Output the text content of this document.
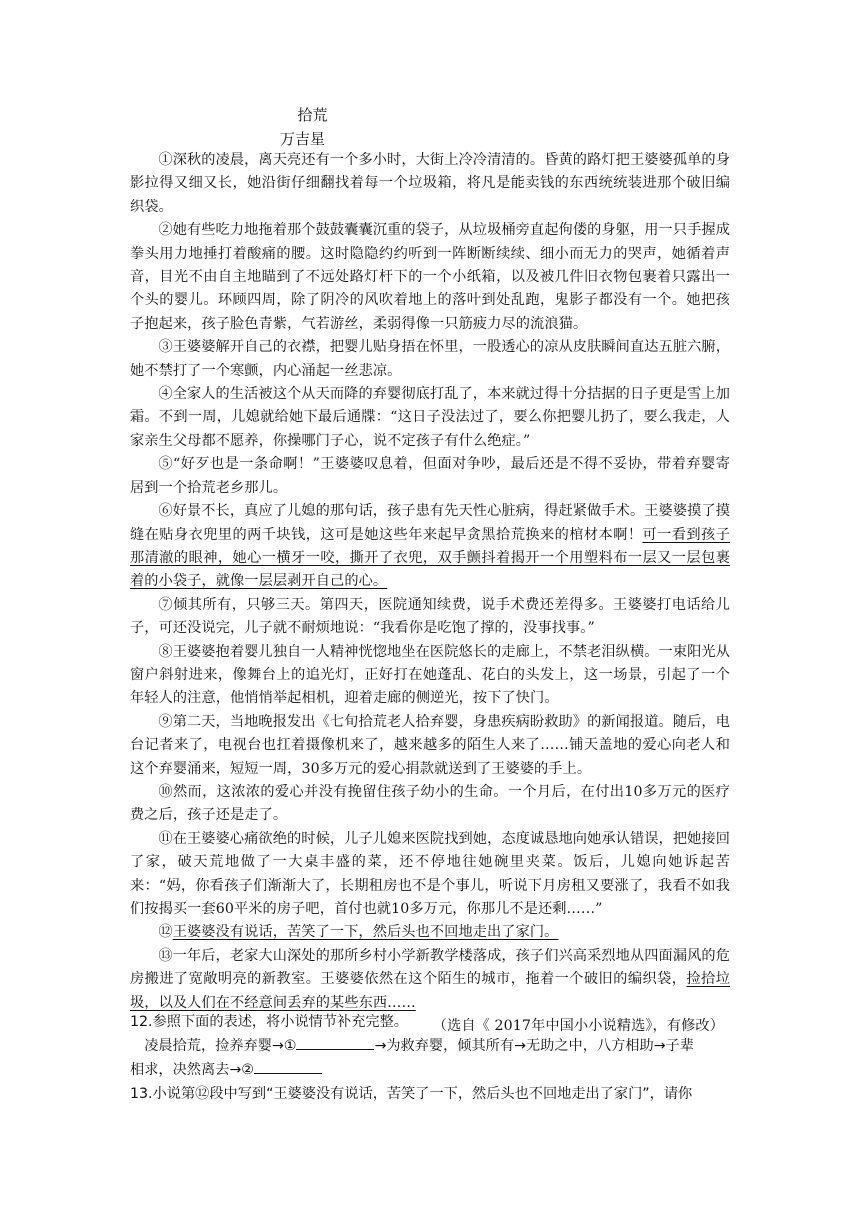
拾荒
万吉星

①深秋的凌晨，离天亮还有一个多小时，大街上冷冷清清的。昏黄的路灯把王婆婆孤单的身影拉得又细又长，她沿街仔细翻找着每一个垃圾箱，将凡是能卖钱的东西统统装进那个破旧编织袋。

②她有些吃力地拖着那个鼓鼓囊囊沉重的袋子，从垃圾桶旁直起佝偻的身躯，用一只手握成拳头用力地捶打着酸痛的腰。这时隐隐约约听到一阵断断续续、细小而无力的哭声，她循着声音，目光不由自主地瞄到了不远处路灯杆下的一个小纸箱，以及被几件旧衣物包裹着只露出一个头的婴儿。环顾四周，除了阴冷的风吹着地上的落叶到处乱跑，鬼影子都没有一个。她把孩子抱起来，孩子脸色青紫，气若游丝，柔弱得像一只筋疲力尽的流浪猫。

③王婆婆解开自己的衣襟，把婴儿贴身捂在怀里，一股透心的凉从皮肤瞬间直达五脏六腑，她不禁打了一个寒颤，内心涌起一丝悲凉。

④全家人的生活被这个从天而降的弃婴彻底打乱了，本来就过得十分拮据的日子更是雪上加霜。不到一周，儿媳就给她下最后通牒：“这日子没法过了，要么你把婴儿扔了，要么我走，人家亲生父母都不愿养，你操哪门子心，说不定孩子有什么绝症。”

⑤“好歹也是一条命啊！”王婆婆叹息着，但面对争吵，最后还是不得不妥协，带着弃婴寄居到一个拾荒老乡那儿。

⑥好景不长，真应了儿媳的那句话，孩子患有先天性心脏病，得赶紧做手术。王婆婆摸了摸缝在贴身衣兜里的两千块钱，这可是她这些年来起早贪黑拾荒换来的棺材本啊！可一看到孩子那清澈的眼神，她心一横牙一咬，撕开了衣兜，双手颤抖着揭开一个用塑料布一层又一层包裹着的小袋子，就像一层层剥开自己的心。

⑦倾其所有，只够三天。第四天，医院通知续费，说手术费还差得多。王婆婆打电话给儿子，可还没说完，儿子就不耐烦地说：“我看你是吃饱了撑的，没事找事。”

⑧王婆婆抱着婴儿独自一人精神恍惚地坐在医院悠长的走廊上，不禁老泪纵横。一束阳光从窗户斜射进来，像舞台上的追光灯，正好打在她蓬乱、花白的头发上，这一场景，引起了一个年轻人的注意，他悄悄举起相机，迎着走廊的侧逆光，按下了快门。

⑨第二天，当地晚报发出《七旬拾荒老人拾弃婴，身患疾病盼救助》的新闻报道。随后，电台记者来了，电视台也扛着摄像机来了，越来越多的陌生人来了……铺天盖地的爱心向老人和这个弃婴涌来，短短一周，30多万元的爱心捐款就送到了王婆婆的手上。

⑩然而，这浓浓的爱心并没有挽留住孩子幼小的生命。一个月后，在付出10多万元的医疗费之后，孩子还是走了。

⑪在王婆婆心痛欲绝的时候，儿子儿媳来医院找到她，态度诚恳地向她承认错误，把她接回了家，破天荒地做了一大桌丰盛的菜，还不停地往她碗里夹菜。饭后，儿媳向她诉起苦来：“妈，你看孩子们渐渐大了，长期租房也不是个事儿，听说下月房租又要涨了，我看不如我们按揭买一套60平米的房子吧，首付也就10多万元，你那儿不是还剩……”

⑫王婆婆没有说话，苦笑了一下，然后头也不回地走出了家门。

⑬一年后，老家大山深处的那所乡村小学新教学楼落成，孩子们兴高采烈地从四面漏风的危房搬进了宽敞明亮的新教室。王婆婆依然在这个陌生的城市，拖着一个破旧的编织袋，捡拾垃圾，以及人们在不经意间丢弃的某些东西……

（选自《 2017年中国小小说精选》，有修改）

12.参照下面的表述，将小说情节补充完整。

凌晨拾荒，捡养弃婴→①	→为救弃婴，倾其所有→无助之中，八方相助→子辈

相求，决然离去→②

13.小说第⑫段中写到“王婆婆没有说话，苦笑了一下，然后头也不回地走出了家门”，请你
